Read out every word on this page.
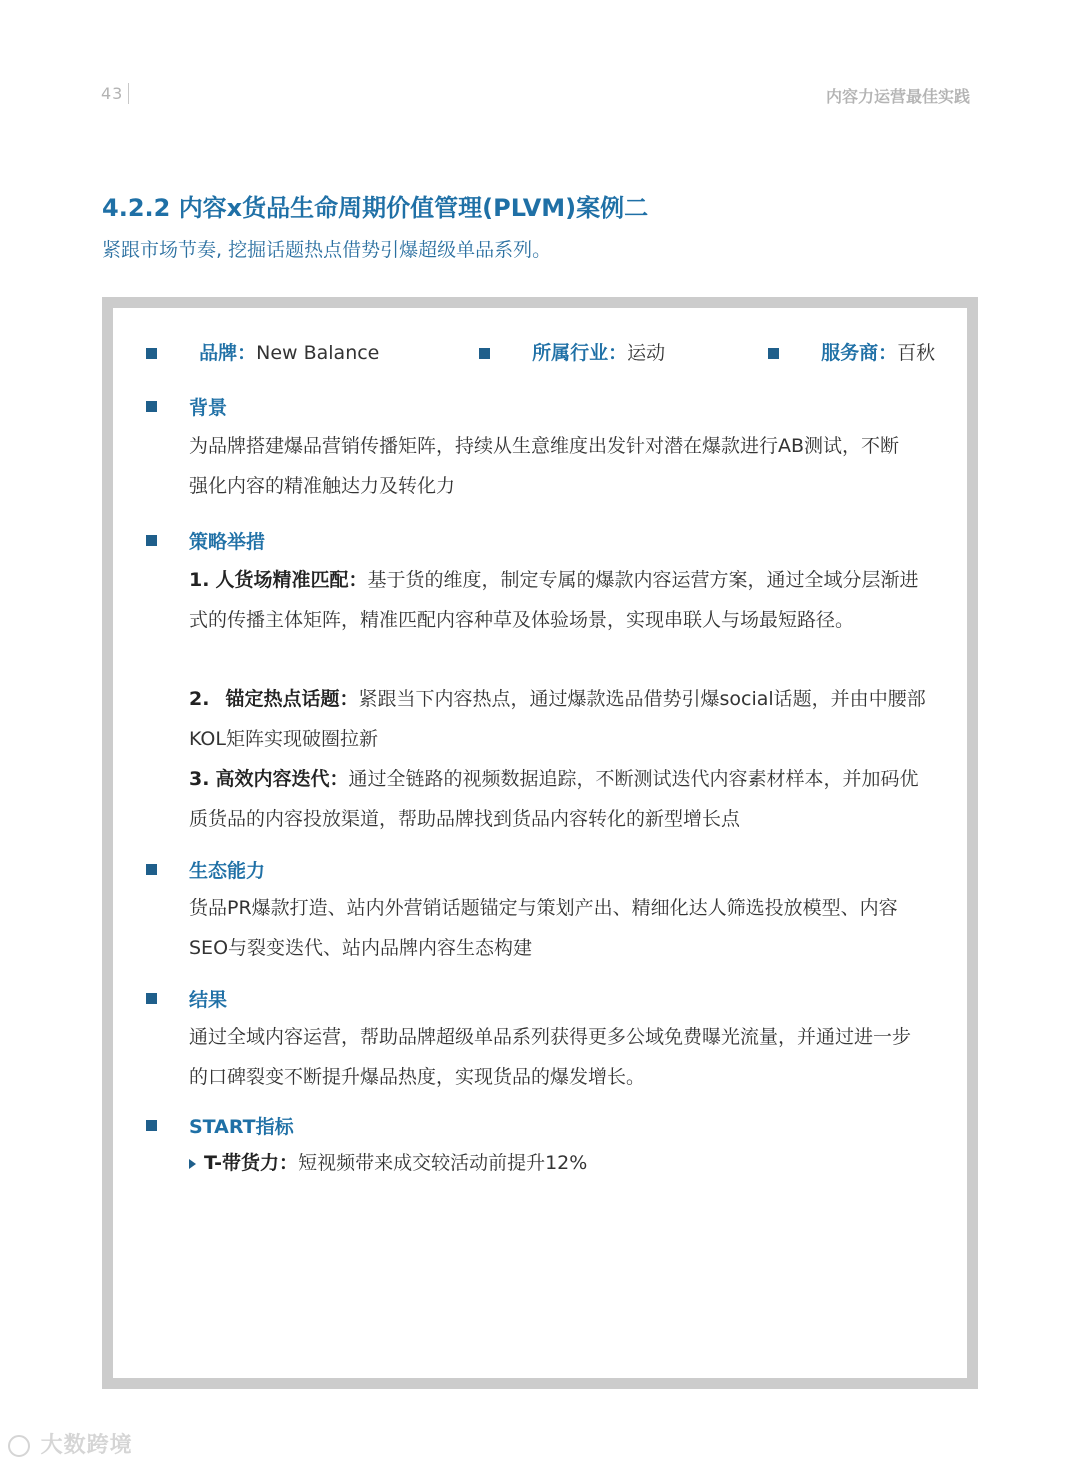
43	内容力运营最佳实践
4.2.2 内容x货品生命周期价值管理(PLVM)案例二
紧跟市场节奏, 挖掘话题热点借势引爆超级单品系列。
品牌：New Balance	所属行业：运动	服务商：百秋
背景

为品牌搭建爆品营销传播矩阵，持续从生意维度出发针对潜在爆款进行AB测试，不断强化内容的精准触达力及转化力

策略举措

1. 人货场精准匹配：基于货的维度，制定专属的爆款内容运营方案，通过全域分层渐进式的传播主体矩阵，精准匹配内容种草及体验场景，实现串联人与场最短路径。

2. 锚定热点话题：紧跟当下内容热点，通过爆款选品借势引爆social话题，并由中腰部KOL矩阵实现破圈拉新

3. 高效内容迭代：通过全链路的视频数据追踪，不断测试迭代内容素材样本，并加码优质货品的内容投放渠道，帮助品牌找到货品内容转化的新型增长点

生态能力

货品PR爆款打造、站内外营销话题锚定与策划产出、精细化达人筛选投放模型、内容SEO与裂变迭代、站内品牌内容生态构建

结果

通过全域内容运营，帮助品牌超级单品系列获得更多公域免费曝光流量，并通过进一步的口碑裂变不断提升爆品热度，实现货品的爆发增长。

START指标

T-带货力：短视频带来成交较活动前提升12%

大数跨境
